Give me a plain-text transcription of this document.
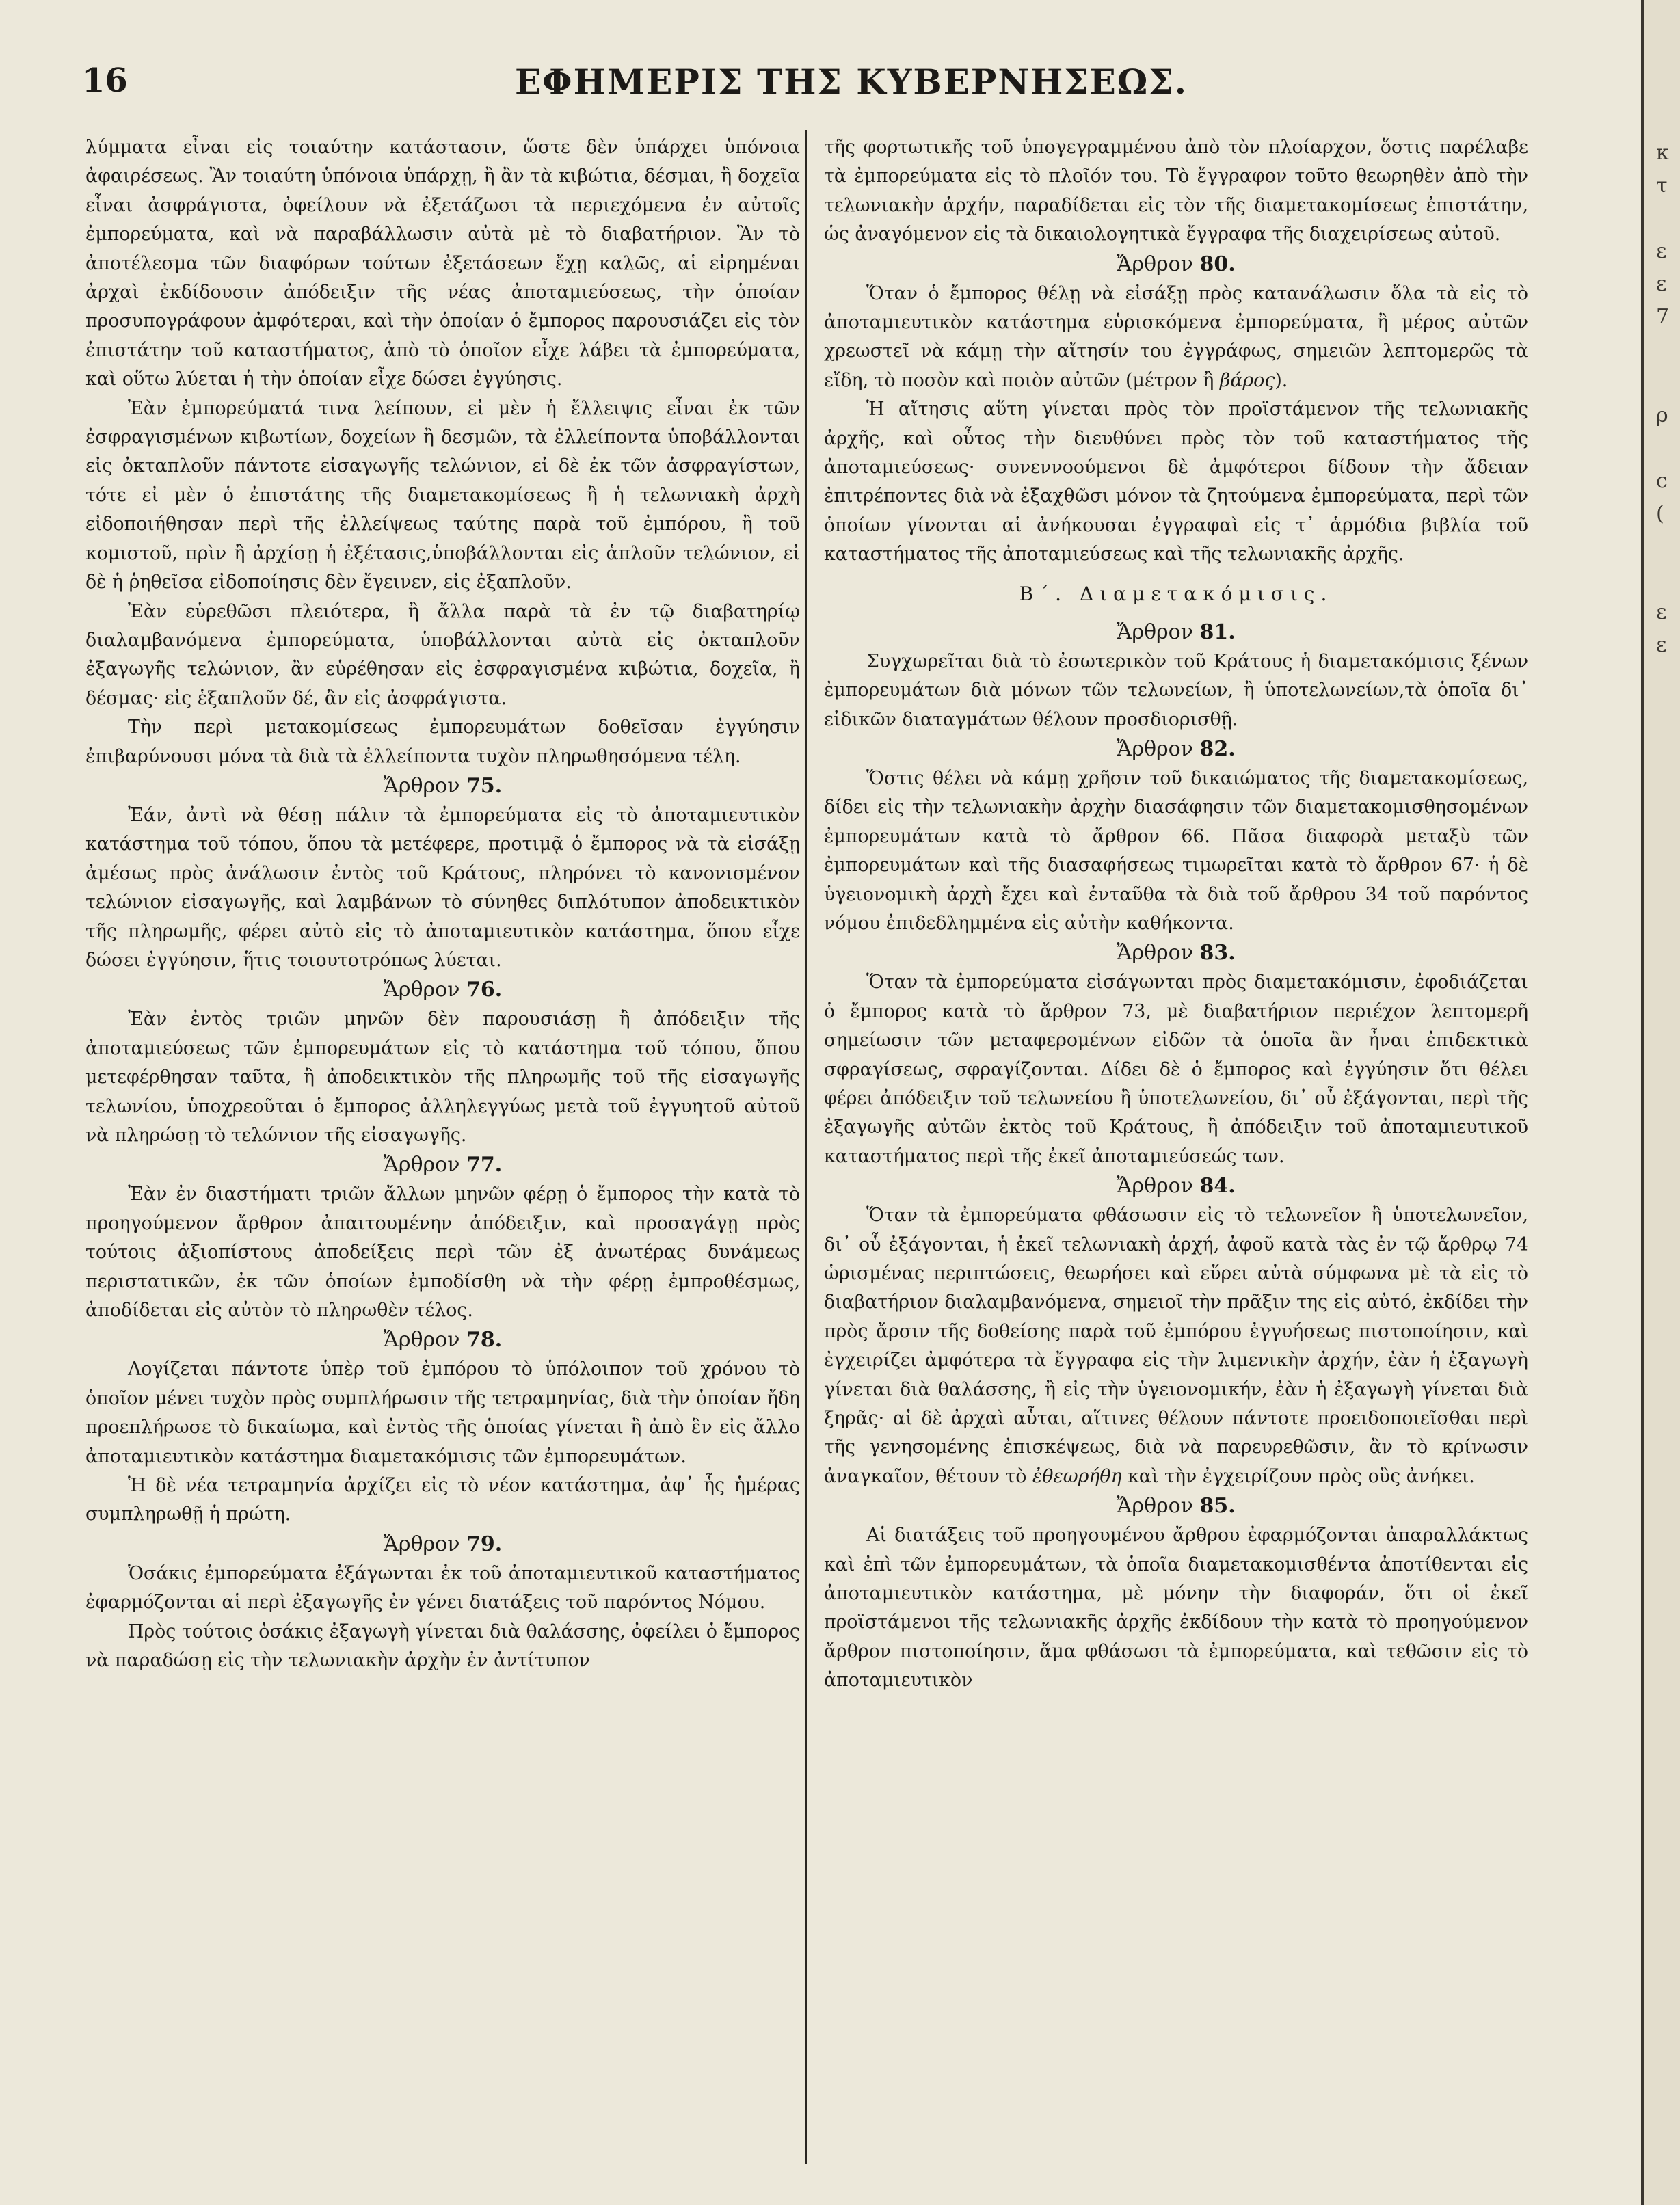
ΕΦΗΜΕΡΙΣ ΤΗΣ ΚΥΒΕΡΝΗΣΕΩΣ.
16

λύμματα εἶναι εἰς τοιαύτην κατάστασιν, ὥστε δὲν ὑπάρχει ὑπόνοια ἀφαιρέσεως. Ἂν τοιαύτη ὑπόνοια ὑπάρχῃ, ἢ ἂν τὰ κιβώτια, δέσμαι, ἢ δοχεῖα εἶναι ἀσφράγιστα, ὀφείλουν νὰ ἐξετάζωσι τὰ περιεχόμενα ἐν αὐτοῖς ἐμπορεύματα, καὶ νὰ παραβάλλωσιν αὐτὰ μὲ τὸ διαβατήριον. Ἂν τὸ ἀποτέλεσμα τῶν διαφόρων τούτων ἐξετάσεων ἔχῃ καλῶς, αἱ εἰρημέναι ἀρχαὶ ἐκδίδουσιν ἀπόδειξιν τῆς νέας ἀποταμιεύσεως, τὴν ὁποίαν προσυπογράφουν ἀμφότεραι, καὶ τὴν ὁποίαν ὁ ἔμπορος παρουσιάζει εἰς τὸν ἐπιστάτην τοῦ καταστήματος, ἀπὸ τὸ ὁποῖον εἶχε λάβει τὰ ἐμπορεύματα, καὶ οὕτω λύεται ἡ τὴν ὁποίαν εἶχε δώσει ἐγγύησις.

Ἐὰν ἐμπορεύματά τινα λείπουν, εἰ μὲν ἡ ἔλλειψις εἶναι ἐκ τῶν ἐσφραγισμένων κιβωτίων, δοχείων ἢ δεσμῶν, τὰ ἐλλείποντα ὑποβάλλονται εἰς ὀκταπλοῦν πάντοτε εἰσαγωγῆς τελώνιον, εἰ δὲ ἐκ τῶν ἀσφραγίστων, τότε εἰ μὲν ὁ ἐπιστάτης τῆς διαμετακομίσεως ἢ ἡ τελωνιακὴ ἀρχὴ εἰδοποιήθησαν περὶ τῆς ἐλλείψεως ταύτης παρὰ τοῦ ἐμπόρου, ἢ τοῦ κομιστοῦ, πρὶν ἢ ἀρχίσῃ ἡ ἐξέτασις,ὑποβάλλονται εἰς ἁπλοῦν τελώνιον, εἰ δὲ ἡ ῥηθεῖσα εἰδοποίησις δὲν ἔγεινεν, εἰς ἐξαπλοῦν.

Ἐὰν εὑρεθῶσι πλειότερα, ἢ ἄλλα παρὰ τὰ ἐν τῷ διαβατηρίῳ διαλαμβανόμενα ἐμπορεύματα, ὑποβάλλονται αὐτὰ εἰς ὀκταπλοῦν ἐξαγωγῆς τελώνιον, ἂν εὑρέθησαν εἰς ἐσφραγισμένα κιβώτια, δοχεῖα, ἢ δέσμας· εἰς ἑξαπλοῦν δέ, ἂν εἰς ἀσφράγιστα.

Τὴν περὶ μετακομίσεως ἐμπορευμάτων δοθεῖσαν ἐγγύησιν ἐπιβαρύνουσι μόνα τὰ διὰ τὰ ἐλλείποντα τυχὸν πληρωθησόμενα τέλη.

Ἄρθρον 75.

Ἐάν, ἀντὶ νὰ θέσῃ πάλιν τὰ ἐμπορεύματα εἰς τὸ ἀποταμιευτικὸν κατάστημα τοῦ τόπου, ὅπου τὰ μετέφερε, προτιμᾷ ὁ ἔμπορος νὰ τὰ εἰσάξῃ ἀμέσως πρὸς ἀνάλωσιν ἐντὸς τοῦ Κράτους, πληρόνει τὸ κανονισμένον τελώνιον εἰσαγωγῆς, καὶ λαμβάνων τὸ σύνηθες διπλότυπον ἀποδεικτικὸν τῆς πληρωμῆς, φέρει αὐτὸ εἰς τὸ ἀποταμιευτικὸν κατάστημα, ὅπου εἶχε δώσει ἐγγύησιν, ἥτις τοιουτοτρόπως λύεται.

Ἄρθρον 76.

Ἐὰν ἐντὸς τριῶν μηνῶν δὲν παρουσιάσῃ ἢ ἀπόδειξιν τῆς ἀποταμιεύσεως τῶν ἐμπορευμάτων εἰς τὸ κατάστημα τοῦ τόπου, ὅπου μετεφέρθησαν ταῦτα, ἢ ἀποδεικτικὸν τῆς πληρωμῆς τοῦ τῆς εἰσαγωγῆς τελωνίου, ὑποχρεοῦται ὁ ἔμπορος ἀλληλεγγύως μετὰ τοῦ ἐγγυητοῦ αὐτοῦ νὰ πληρώσῃ τὸ τελώνιον τῆς εἰσαγωγῆς.

Ἄρθρον 77.

Ἐὰν ἐν διαστήματι τριῶν ἄλλων μηνῶν φέρῃ ὁ ἔμπορος τὴν κατὰ τὸ προηγούμενον ἄρθρον ἀπαιτουμένην ἀπόδειξιν, καὶ προσαγάγῃ πρὸς τούτοις ἀξιοπίστους ἀποδείξεις περὶ τῶν ἐξ ἀνωτέρας δυνάμεως περιστατικῶν, ἐκ τῶν ὁποίων ἐμποδίσθη νὰ τὴν φέρῃ ἐμπροθέσμως, ἀποδίδεται εἰς αὐτὸν τὸ πληρωθὲν τέλος.

Ἄρθρον 78.

Λογίζεται πάντοτε ὑπὲρ τοῦ ἐμπόρου τὸ ὑπόλοιπον τοῦ χρόνου τὸ ὁποῖον μένει τυχὸν πρὸς συμπλήρωσιν τῆς τετραμηνίας, διὰ τὴν ὁποίαν ἤδη προεπλήρωσε τὸ δικαίωμα, καὶ ἐντὸς τῆς ὁποίας γίνεται ἢ ἀπὸ ἓν εἰς ἄλλο ἀποταμιευτικὸν κατάστημα διαμετακόμισις τῶν ἐμπορευμάτων.

Ἡ δὲ νέα τετραμηνία ἀρχίζει εἰς τὸ νέον κατάστημα, ἀφ᾿ ἧς ἡμέρας συμπληρωθῇ ἡ πρώτη.

Ἄρθρον 79.

Ὁσάκις ἐμπορεύματα ἐξάγωνται ἐκ τοῦ ἀποταμιευτικοῦ καταστήματος ἐφαρμόζονται αἱ περὶ ἐξαγωγῆς ἐν γένει διατάξεις τοῦ παρόντος Νόμου.

Πρὸς τούτοις ὁσάκις ἐξαγωγὴ γίνεται διὰ θαλάσσης, ὀφείλει ὁ ἔμπορος νὰ παραδώσῃ εἰς τὴν τελωνιακὴν ἀρχὴν ἐν ἀντίτυπον

τῆς φορτωτικῆς τοῦ ὑπογεγραμμένου ἀπὸ τὸν πλοίαρχον, ὅστις παρέλαβε τὰ ἐμπορεύματα εἰς τὸ πλοῖόν του. Τὸ ἔγγραφον τοῦτο θεωρηθὲν ἀπὸ τὴν τελωνιακὴν ἀρχήν, παραδίδεται εἰς τὸν τῆς διαμετακομίσεως ἐπιστάτην, ὡς ἀναγόμενον εἰς τὰ δικαιολογητικὰ ἔγγραφα τῆς διαχειρίσεως αὐτοῦ.

Ἄρθρον 80.

Ὅταν ὁ ἔμπορος θέλῃ νὰ εἰσάξῃ πρὸς κατανάλωσιν ὅλα τὰ εἰς τὸ ἀποταμιευτικὸν κατάστημα εὑρισκόμενα ἐμπορεύματα, ἢ μέρος αὐτῶν χρεωστεῖ νὰ κάμῃ τὴν αἴτησίν του ἐγγράφως, σημειῶν λεπτομερῶς τὰ εἴδη, τὸ ποσὸν καὶ ποιὸν αὐτῶν (μέτρον ἢ βάρος).

Ἡ αἴτησις αὕτη γίνεται πρὸς τὸν προϊστάμενον τῆς τελωνιακῆς ἀρχῆς, καὶ οὗτος τὴν διευθύνει πρὸς τὸν τοῦ καταστήματος τῆς ἀποταμιεύσεως· συνεννοούμενοι δὲ ἀμφότεροι δίδουν τὴν ἄδειαν ἐπιτρέποντες διὰ νὰ ἐξαχθῶσι μόνον τὰ ζητούμενα ἐμπορεύματα, περὶ τῶν ὁποίων γίνονται αἱ ἀνήκουσαι ἐγγραφαὶ εἰς τ᾿ ἁρμόδια βιβλία τοῦ καταστήματος τῆς ἀποταμιεύσεως καὶ τῆς τελωνιακῆς ἀρχῆς.

Β΄. Διαμετακόμισις.
Ἄρθρον 81.

Συγχωρεῖται διὰ τὸ ἐσωτερικὸν τοῦ Κράτους ἡ διαμετακόμισις ξένων ἐμπορευμάτων διὰ μόνων τῶν τελωνείων, ἢ ὑποτελωνείων,τὰ ὁποῖα δι᾿ εἰδικῶν διαταγμάτων θέλουν προσδιορισθῇ.

Ἄρθρον 82.

Ὅστις θέλει νὰ κάμῃ χρῆσιν τοῦ δικαιώματος τῆς διαμετακομίσεως, δίδει εἰς τὴν τελωνιακὴν ἀρχὴν διασάφησιν τῶν διαμετακομισθησομένων ἐμπορευμάτων κατὰ τὸ ἄρθρον 66. Πᾶσα διαφορὰ μεταξὺ τῶν ἐμπορευμάτων καὶ τῆς διασαφήσεως τιμωρεῖται κατὰ τὸ ἄρθρον 67· ἡ δὲ ὑγειονομικὴ ἀρχὴ ἔχει καὶ ἐνταῦθα τὰ διὰ τοῦ ἄρθρου 34 τοῦ παρόντος νόμου ἐπιδεδλημμένα εἰς αὐτὴν καθήκοντα.

Ἄρθρον 83.

Ὅταν τὰ ἐμπορεύματα εἰσάγωνται πρὸς διαμετακόμισιν, ἐφοδιάζεται ὁ ἔμπορος κατὰ τὸ ἄρθρον 73, μὲ διαβατήριον περιέχον λεπτομερῆ σημείωσιν τῶν μεταφερομένων εἰδῶν τὰ ὁποῖα ἂν ἦναι ἐπιδεκτικὰ σφραγίσεως, σφραγίζονται. Δίδει δὲ ὁ ἔμπορος καὶ ἐγγύησιν ὅτι θέλει φέρει ἀπόδειξιν τοῦ τελωνείου ἢ ὑποτελωνείου, δι᾿ οὗ ἐξάγονται, περὶ τῆς ἐξαγωγῆς αὐτῶν ἐκτὸς τοῦ Κράτους, ἢ ἀπόδειξιν τοῦ ἀποταμιευτικοῦ καταστήματος περὶ τῆς ἐκεῖ ἀποταμιεύσεώς των.

Ἄρθρον 84.

Ὅταν τὰ ἐμπορεύματα φθάσωσιν εἰς τὸ τελωνεῖον ἢ ὑποτελωνεῖον, δι᾿ οὗ ἐξάγονται, ἡ ἐκεῖ τελωνιακὴ ἀρχή, ἀφοῦ κατὰ τὰς ἐν τῷ ἄρθρῳ 74 ὡρισμένας περιπτώσεις, θεωρήσει καὶ εὕρει αὐτὰ σύμφωνα μὲ τὰ εἰς τὸ διαβατήριον διαλαμβανόμενα, σημειοῖ τὴν πρᾶξιν της εἰς αὐτό, ἐκδίδει τὴν πρὸς ἄρσιν τῆς δοθείσης παρὰ τοῦ ἐμπόρου ἐγγυήσεως πιστοποίησιν, καὶ ἐγχειρίζει ἀμφότερα τὰ ἔγγραφα εἰς τὴν λιμενικὴν ἀρχήν, ἐὰν ἡ ἐξαγωγὴ γίνεται διὰ θαλάσσης, ἢ εἰς τὴν ὑγειονομικήν, ἐὰν ἡ ἐξαγωγὴ γίνεται διὰ ξηρᾶς· αἱ δὲ ἀρχαὶ αὗται, αἵτινες θέλουν πάντοτε προειδοποιεῖσθαι περὶ τῆς γενησομένης ἐπισκέψεως, διὰ νὰ παρευρεθῶσιν, ἂν τὸ κρίνωσιν ἀναγκαῖον, θέτουν τὸ ἐθεωρήθη καὶ τὴν ἐγχειρίζουν πρὸς οὓς ἀνήκει.

Ἄρθρον 85.

Αἱ διατάξεις τοῦ προηγουμένου ἄρθρου ἐφαρμόζονται ἀπαραλλάκτως καὶ ἐπὶ τῶν ἐμπορευμάτων, τὰ ὁποῖα διαμετακομισθέντα ἀποτίθενται εἰς ἀποταμιευτικὸν κατάστημα, μὲ μόνην τὴν διαφοράν, ὅτι οἱ ἐκεῖ προϊστάμενοι τῆς τελωνιακῆς ἀρχῆς ἐκδίδουν τὴν κατὰ τὸ προηγούμενον ἄρθρον πιστοποίησιν, ἅμα φθάσωσι τὰ ἐμπορεύματα, καὶ τεθῶσιν εἰς τὸ ἀποταμιευτικὸν

κ
τ
ε
ε
7
ρ
c
(
ε
ε
